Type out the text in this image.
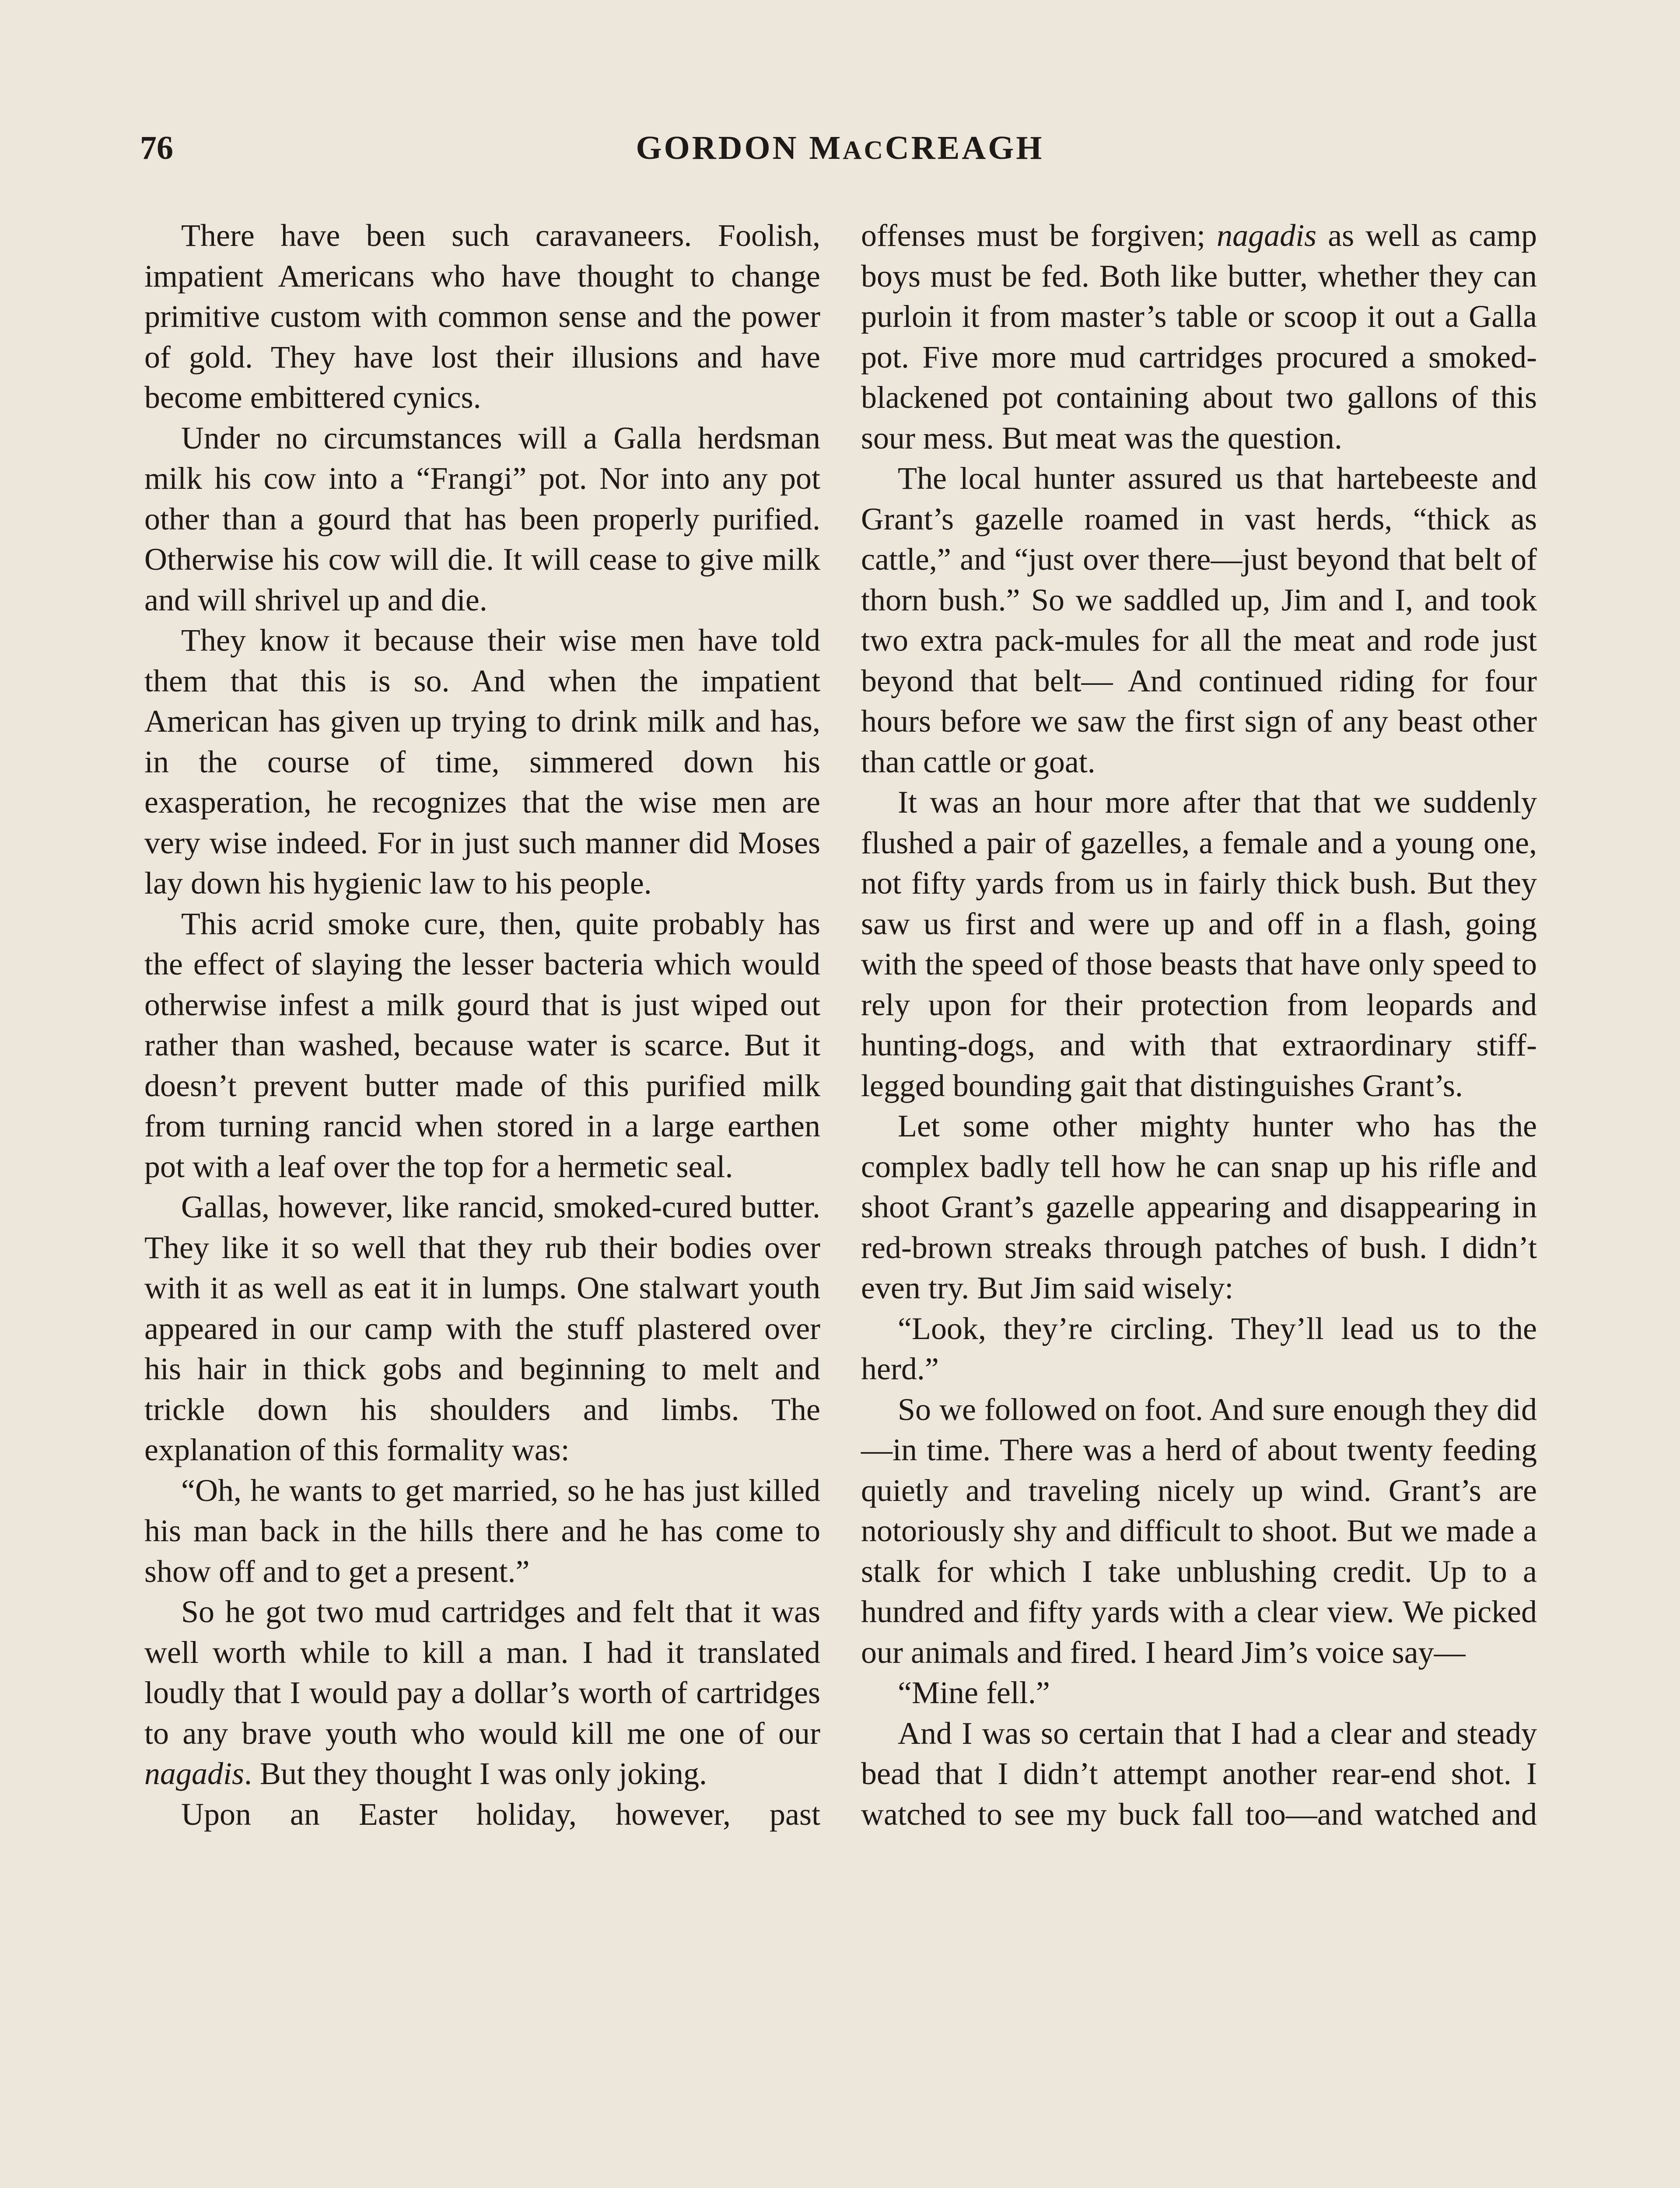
76	GORDON MACCREAGH

There have been such caravaneers. Foolish, impatient Americans who have thought to change primitive custom with common sense and the power of gold. They have lost their illusions and have become embittered cynics.

Under no circumstances will a Galla herdsman milk his cow into a “Frangi” pot. Nor into any pot other than a gourd that has been properly purified. Otherwise his cow will die. It will cease to give milk and will shrivel up and die.

They know it because their wise men have told them that this is so. And when the impatient American has given up trying to drink milk and has, in the course of time, simmered down his exasperation, he recognizes that the wise men are very wise indeed. For in just such manner did Moses lay down his hygienic law to his people.

This acrid smoke cure, then, quite probably has the effect of slaying the lesser bacteria which would otherwise infest a milk gourd that is just wiped out rather than washed, because water is scarce. But it doesn’t prevent butter made of this purified milk from turning rancid when stored in a large earthen pot with a leaf over the top for a hermetic seal.

Gallas, however, like rancid, smoked-cured butter. They like it so well that they rub their bodies over with it as well as eat it in lumps. One stalwart youth appeared in our camp with the stuff plastered over his hair in thick gobs and beginning to melt and trickle down his shoulders and limbs. The explanation of this formality was:

“Oh, he wants to get married, so he has just killed his man back in the hills there and he has come to show off and to get a present.”

So he got two mud cartridges and felt that it was well worth while to kill a man. I had it translated loudly that I would pay a dollar’s worth of cartridges to any brave youth who would kill me one of our nagadis. But they thought I was only joking.

Upon an Easter holiday, however, past

offenses must be forgiven; nagadis as well as camp boys must be fed. Both like butter, whether they can purloin it from master’s table or scoop it out a Galla pot. Five more mud cartridges procured a smoked-blackened pot containing about two gallons of this sour mess. But meat was the question.

The local hunter assured us that hartebeeste and Grant’s gazelle roamed in vast herds, “thick as cattle,” and “just over there—just beyond that belt of thorn bush.” So we saddled up, Jim and I, and took two extra pack-mules for all the meat and rode just beyond that belt— And continued riding for four hours before we saw the first sign of any beast other than cattle or goat.

It was an hour more after that that we suddenly flushed a pair of gazelles, a female and a young one, not fifty yards from us in fairly thick bush. But they saw us first and were up and off in a flash, going with the speed of those beasts that have only speed to rely upon for their protection from leopards and hunting-dogs, and with that extraordinary stiff-legged bounding gait that distinguishes Grant’s.

Let some other mighty hunter who has the complex badly tell how he can snap up his rifle and shoot Grant’s gazelle appearing and disappearing in red-brown streaks through patches of bush. I didn’t even try. But Jim said wisely:

“Look, they’re circling. They’ll lead us to the herd.”

So we followed on foot. And sure enough they did—in time. There was a herd of about twenty feeding quietly and traveling nicely up wind. Grant’s are notoriously shy and difficult to shoot. But we made a stalk for which I take unblushing credit. Up to a hundred and fifty yards with a clear view. We picked our animals and fired. I heard Jim’s voice say—

“Mine fell.”

And I was so certain that I had a clear and steady bead that I didn’t attempt another rear-end shot. I watched to see my buck fall too—and watched and
